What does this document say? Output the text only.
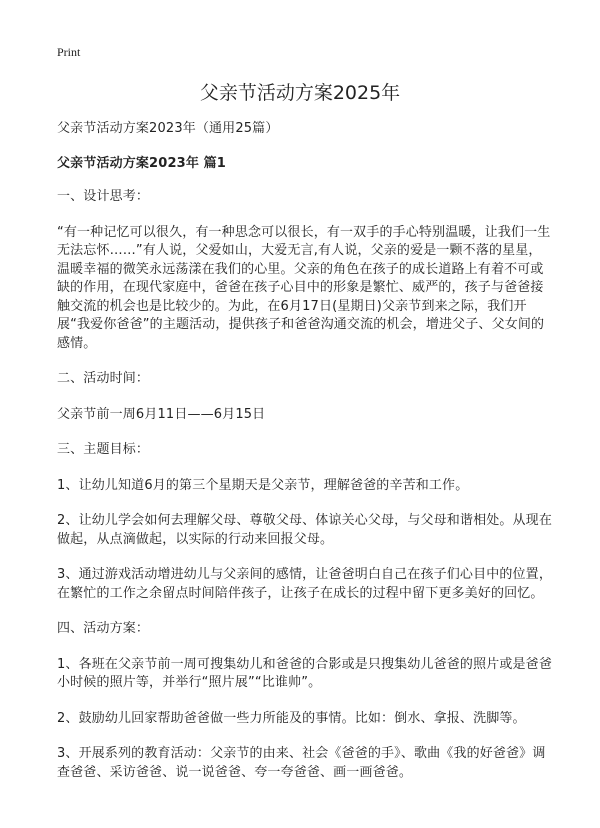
Print
父亲节活动方案2025年

父亲节活动方案2023年（通用25篇）

父亲节活动方案2023年 篇1

一、设计思考：

“有一种记忆可以很久，有一种思念可以很长，有一双手的手心特别温暖，让我们一生无法忘怀……”有人说，父爱如山，大爱无言,有人说，父亲的爱是一颗不落的星星，温暖幸福的微笑永远荡漾在我们的心里。父亲的角色在孩子的成长道路上有着不可或缺的作用，在现代家庭中，爸爸在孩子心目中的形象是繁忙、威严的，孩子与爸爸接触交流的机会也是比较少的。为此，在6月17日(星期日)父亲节到来之际，我们开展“我爱你爸爸”的主题活动，提供孩子和爸爸沟通交流的机会，增进父子、父女间的感情。

二、活动时间：

父亲节前一周6月11日——6月15日

三、主题目标：

1、让幼儿知道6月的第三个星期天是父亲节，理解爸爸的辛苦和工作。

2、让幼儿学会如何去理解父母、尊敬父母、体谅关心父母，与父母和谐相处。从现在做起，从点滴做起，以实际的行动来回报父母。

3、通过游戏活动增进幼儿与父亲间的感情，让爸爸明白自己在孩子们心目中的位置，在繁忙的工作之余留点时间陪伴孩子，让孩子在成长的过程中留下更多美好的回忆。

四、活动方案：

1、各班在父亲节前一周可搜集幼儿和爸爸的合影或是只搜集幼儿爸爸的照片或是爸爸小时候的照片等，并举行“照片展”“比谁帅”。

2、鼓励幼儿回家帮助爸爸做一些力所能及的事情。比如：倒水、拿报、洗脚等。

3、开展系列的教育活动：父亲节的由来、社会《爸爸的手》、歌曲《我的好爸爸》调查爸爸、采访爸爸、说一说爸爸、夸一夸爸爸、画一画爸爸。
